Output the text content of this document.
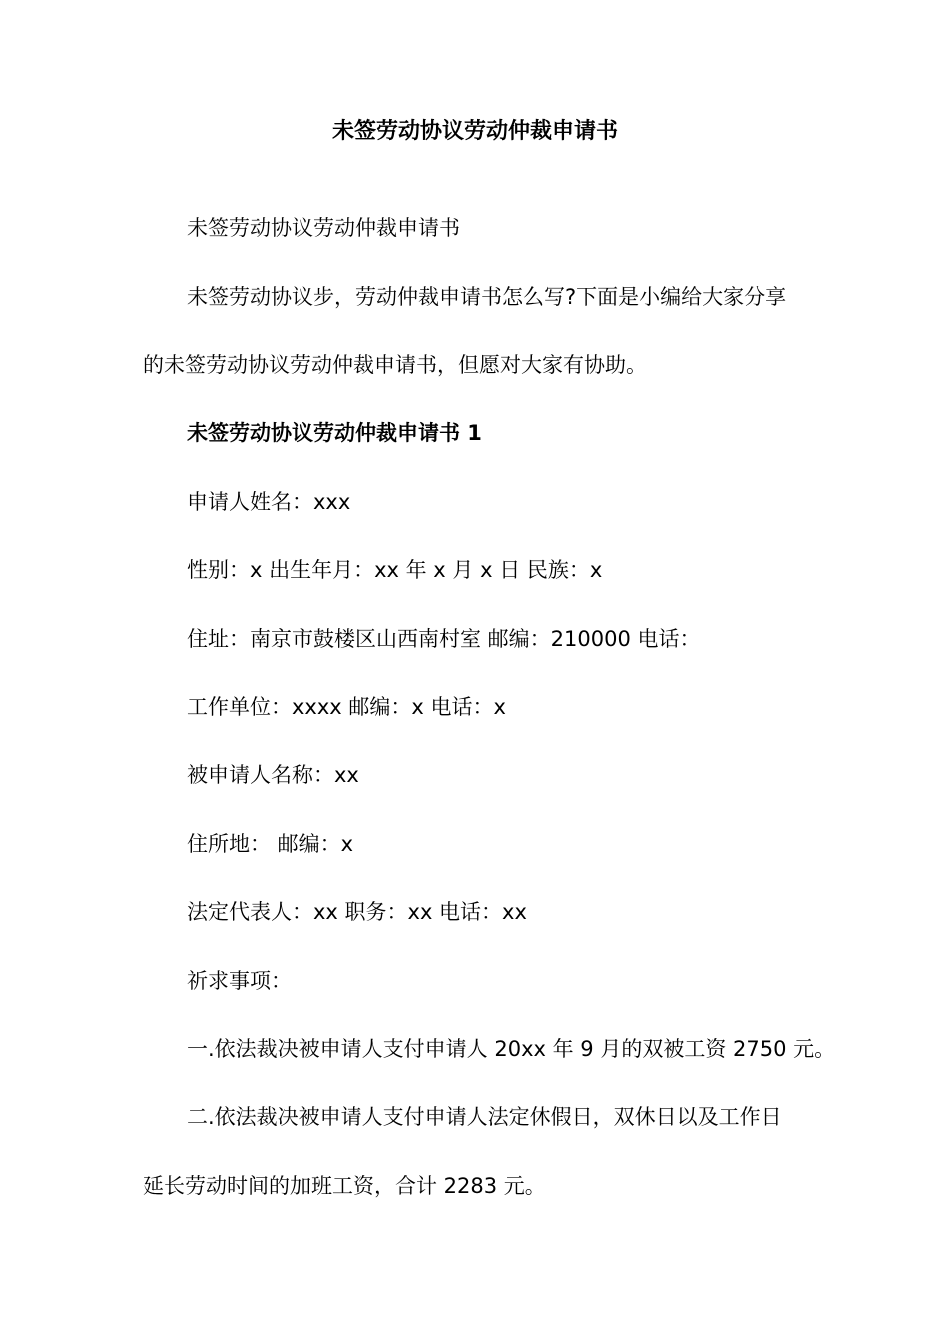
未签劳动协议劳动仲裁申请书
未签劳动协议劳动仲裁申请书
未签劳动协议步，劳动仲裁申请书怎么写?下面是小编给大家分享
的未签劳动协议劳动仲裁申请书，但愿对大家有协助。
未签劳动协议劳动仲裁申请书 1
申请人姓名：xxx
性别：x 出生年月：xx 年 x 月 x 日 民族：x
住址：南京市鼓楼区山西南村室 邮编：210000 电话：
工作单位：xxxx 邮编：x 电话：x
被申请人名称：xx
住所地： 邮编：x
法定代表人：xx 职务：xx 电话：xx
祈求事项：
一.依法裁决被申请人支付申请人 20xx 年 9 月的双被工资 2750 元。
二.依法裁决被申请人支付申请人法定休假日，双休日以及工作日
延长劳动时间的加班工资，合计 2283 元。
